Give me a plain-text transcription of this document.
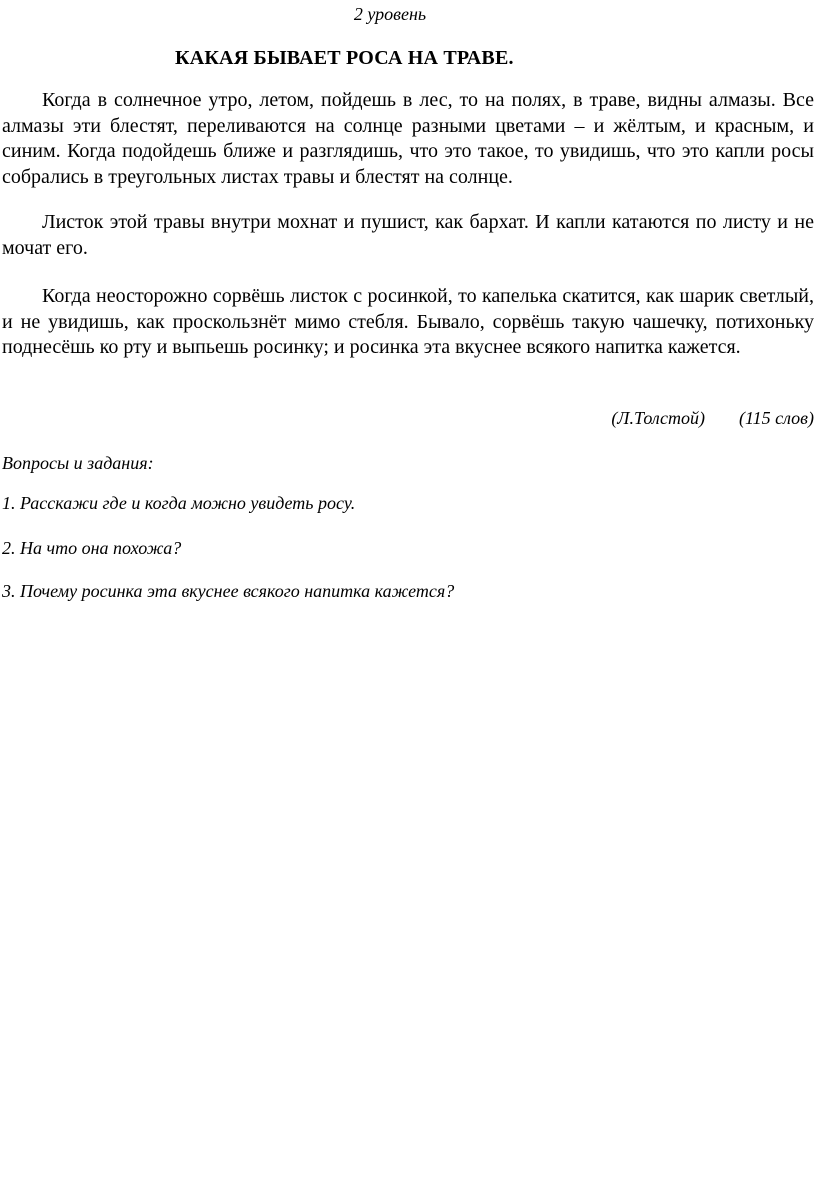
2 уровень
КАКАЯ БЫВАЕТ РОСА НА ТРАВЕ.

Когда в солнечное утро, летом, пойдешь в лес, то на полях, в траве, видны алмазы. Все алмазы эти блестят, переливаются на солнце разными цветами – и жёлтым, и красным, и синим. Когда подойдешь ближе и разглядишь, что это такое, то увидишь, что это капли росы собрались в треугольных листах травы и блестят на солнце.

Листок этой травы внутри мохнат и пушист, как бархат. И капли катаются по листу и не мочат его.

Когда неосторожно сорвёшь листок с росинкой, то капелька скатится, как шарик светлый, и не увидишь, как проскользнёт мимо стебля. Бывало, сорвёшь такую чашечку, потихоньку поднесёшь ко рту и выпьешь росинку; и росинка эта вкуснее всякого напитка кажется.

(Л.Толстой) (115 слов)

Вопросы и задания:

1. Расскажи где и когда можно увидеть росу.

2. На что она похожа?

3. Почему росинка эта вкуснее всякого напитка кажется?
